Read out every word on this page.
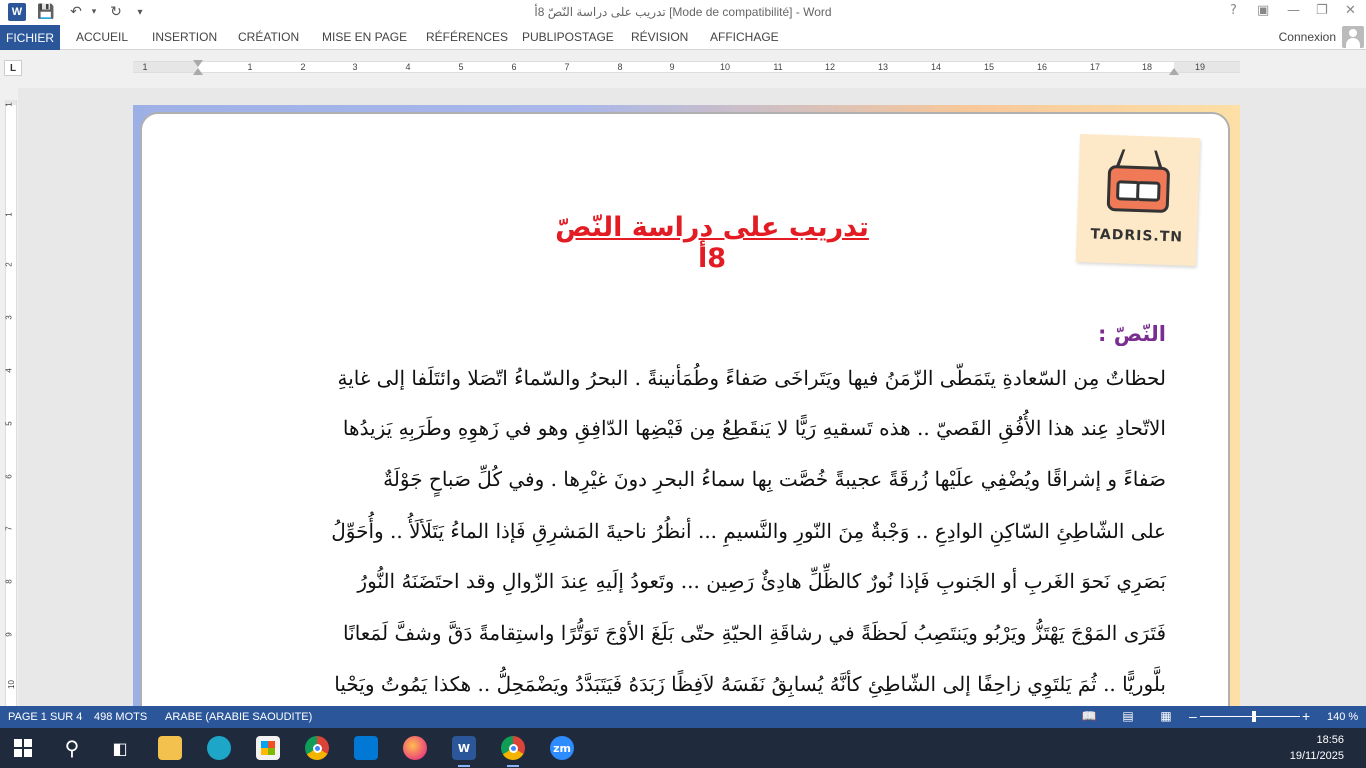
W 💾 ↶	▾ ↻	▾	تدريب على دراسة النّصّ 8أ [Mode de compatibilité] - Word	? ▣ — ❐ ✕
FICHIER	ACCUEIL INSERTION CRÉATION MISE EN PAGE RÉFÉRENCES PUBLIPOSTAGE RÉVISION AFFICHAGE	Connexion
L	1	1	2	3	4	5	6	7	8	9	10	11	12	13	14	15	16	17	18	19
1
1
2
3
4
5
6
7
8
9
10
TADRIS.TN
تدريب على دراسة النّصّ 8أ
النّصّ :
لحظاتٌ مِن السّعادةِ يتَمَطّى الزّمَنُ فيها ويَتَراخَى صَفاءً وطُمَأنينةً . البحرُ والسّماءُ اتّصَلا وائتَلَفا إلى غايةِ
الاتّحادِ عِند هذا الأُفُقِ القَصيّ .. هذه تَسقيهِ رَيًّا لا يَنقَطِعُ مِن فَيْضِها الدّافِقِ وهو في زَهوِهِ وطَرَبِهِ يَزيدُها
صَفاءً و إشراقًا ويُضْفِي علَيْها زُرقَةً عجيبةً خُصَّت بِها سماءُ البحرِ دونَ غيْرِها . وفي كُلِّ صَباحٍ جَوْلَةٌ
على الشّاطِئِ السّاكِنِ الوادِعِ .. وَجْبةٌ مِنَ النّورِ والنَّسيمِ ... أنظُرُ ناحيةَ المَشرِقِ فَإذا الماءُ يَتَلَألَأُ .. وأُحَوِّلُ
بَصَرِي نَحوَ الغَربِ أو الجَنوبِ فَإذا نُورٌ كالظِّلِّ هادِئٌ رَصِين ... وتَعودُ إلَيهِ عِندَ الزّوالِ وقد احتَضَنَهُ النُّورُ
فَتَرَى المَوْجَ يَهْتَزُّ ويَرْبُو ويَنتَصِبُ لَحظَةً في رشاقَةِ الحيّةِ حتّى بَلَغَ الأوْجَ تَوَتُّرًا واستِقامةً دَقَّ وشفَّ لَمَعانًا
بلَّوريًّا .. ثُمَ يَلتَوِي زاحِفًا إلى الشّاطِئِ كأنَّهُ يُسابِقُ نَفَسَهُ لاَفِظًا زَبَدَهُ فَيَتَبَدَّدُ ويَضْمَحِلُّ .. هكذا يَمُوتُ ويَحْيا
PAGE 1 SUR 4 498 MOTS ARABE (ARABIE SAOUDITE)	📖 ▤ ▦ –	+ 140 %
⚲ ◧	W	zm
18:56
19/11/2025
